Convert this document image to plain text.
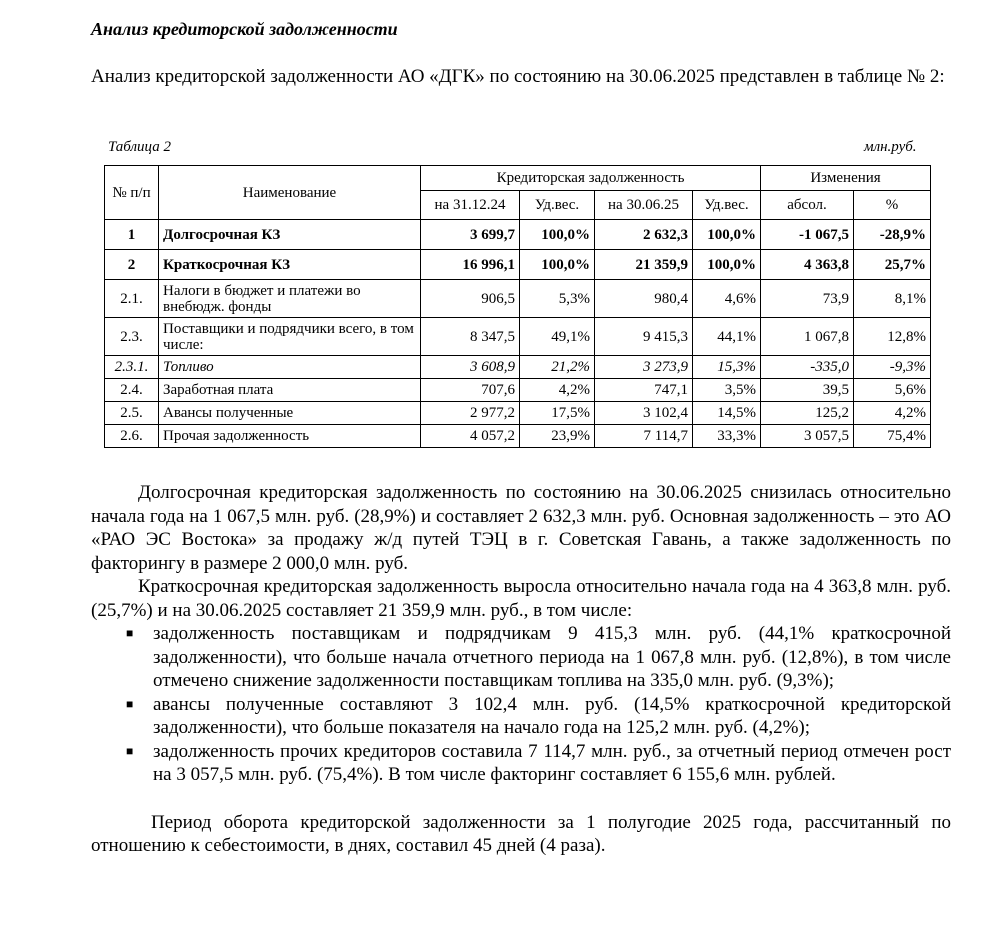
Анализ кредиторской задолженности
Анализ кредиторской задолженности АО «ДГК» по состоянию на 30.06.2025 представлен в таблице № 2:
Таблица 2	млн.руб.
№ п/п	Наименование	Кредиторская задолженность				Изменения	
		на 31.12.24	Уд.вес.	на 30.06.25	Уд.вес.	абсол.	%
1	Долгосрочная КЗ	3 699,7	100,0%	2 632,3	100,0%	-1 067,5	-28,9%
2	Краткосрочная КЗ	16 996,1	100,0%	21 359,9	100,0%	4 363,8	25,7%
2.1.	Налоги в бюджет и платежи во внебюдж. фонды	906,5	5,3%	980,4	4,6%	73,9	8,1%
2.3.	Поставщики и подрядчики всего, в том числе:	8 347,5	49,1%	9 415,3	44,1%	1 067,8	12,8%
2.3.1.	Топливо	3 608,9	21,2%	3 273,9	15,3%	-335,0	-9,3%
2.4.	Заработная плата	707,6	4,2%	747,1	3,5%	39,5	5,6%
2.5.	Авансы полученные	2 977,2	17,5%	3 102,4	14,5%	125,2	4,2%
2.6.	Прочая задолженность	4 057,2	23,9%	7 114,7	33,3%	3 057,5	75,4%

Долгосрочная кредиторская задолженность по состоянию на 30.06.2025 снизилась относительно начала года на 1 067,5 млн. руб. (28,9%) и составляет 2 632,3 млн. руб. Основная задолженность – это АО «РАО ЭС Востока» за продажу ж/д путей ТЭЦ в г. Советская Гавань, а также задолженность по факторингу в размере 2 000,0 млн. руб.

Краткосрочная кредиторская задолженность выросла относительно начала года на 4 363,8 млн. руб. (25,7%) и на 30.06.2025 составляет 21 359,9 млн. руб., в том числе:

■ задолженность поставщикам и подрядчикам 9 415,3 млн. руб. (44,1% краткосрочной задолженности), что больше начала отчетного периода на 1 067,8 млн. руб. (12,8%), в том числе отмечено снижение задолженности поставщикам топлива на 335,0 млн. руб. (9,3%);
■ авансы полученные составляют 3 102,4 млн. руб. (14,5% краткосрочной кредиторской задолженности), что больше показателя на начало года на 125,2 млн. руб. (4,2%);
■ задолженность прочих кредиторов составила 7 114,7 млн. руб., за отчетный период отмечен рост на 3 057,5 млн. руб. (75,4%). В том числе факторинг составляет 6 155,6 млн. рублей.

Период оборота кредиторской задолженности за 1 полугодие 2025 года, рассчитанный по отношению к себестоимости, в днях, составил 45 дней (4 раза).
